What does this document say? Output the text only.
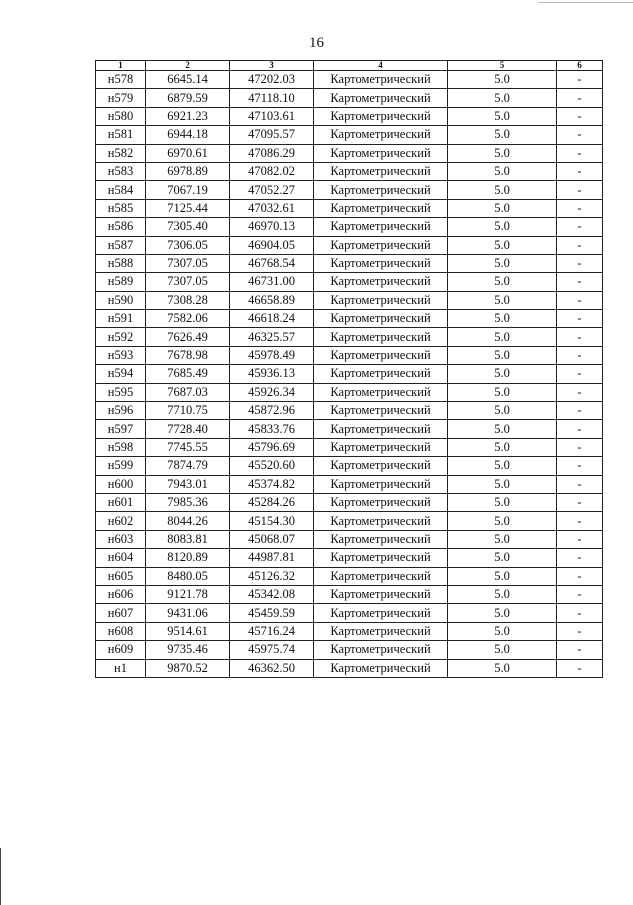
16
1	2	3	4	5	6
н578	6645.14	47202.03	Картометрический	5.0	-
н579	6879.59	47118.10	Картометрический	5.0	-
н580	6921.23	47103.61	Картометрический	5.0	-
н581	6944.18	47095.57	Картометрический	5.0	-
н582	6970.61	47086.29	Картометрический	5.0	-
н583	6978.89	47082.02	Картометрический	5.0	-
н584	7067.19	47052.27	Картометрический	5.0	-
н585	7125.44	47032.61	Картометрический	5.0	-
н586	7305.40	46970.13	Картометрический	5.0	-
н587	7306.05	46904.05	Картометрический	5.0	-
н588	7307.05	46768.54	Картометрический	5.0	-
н589	7307.05	46731.00	Картометрический	5.0	-
н590	7308.28	46658.89	Картометрический	5.0	-
н591	7582.06	46618.24	Картометрический	5.0	-
н592	7626.49	46325.57	Картометрический	5.0	-
н593	7678.98	45978.49	Картометрический	5.0	-
н594	7685.49	45936.13	Картометрический	5.0	-
н595	7687.03	45926.34	Картометрический	5.0	-
н596	7710.75	45872.96	Картометрический	5.0	-
н597	7728.40	45833.76	Картометрический	5.0	-
н598	7745.55	45796.69	Картометрический	5.0	-
н599	7874.79	45520.60	Картометрический	5.0	-
н600	7943.01	45374.82	Картометрический	5.0	-
н601	7985.36	45284.26	Картометрический	5.0	-
н602	8044.26	45154.30	Картометрический	5.0	-
н603	8083.81	45068.07	Картометрический	5.0	-
н604	8120.89	44987.81	Картометрический	5.0	-
н605	8480.05	45126.32	Картометрический	5.0	-
н606	9121.78	45342.08	Картометрический	5.0	-
н607	9431.06	45459.59	Картометрический	5.0	-
н608	9514.61	45716.24	Картометрический	5.0	-
н609	9735.46	45975.74	Картометрический	5.0	-
н1	9870.52	46362.50	Картометрический	5.0	-
